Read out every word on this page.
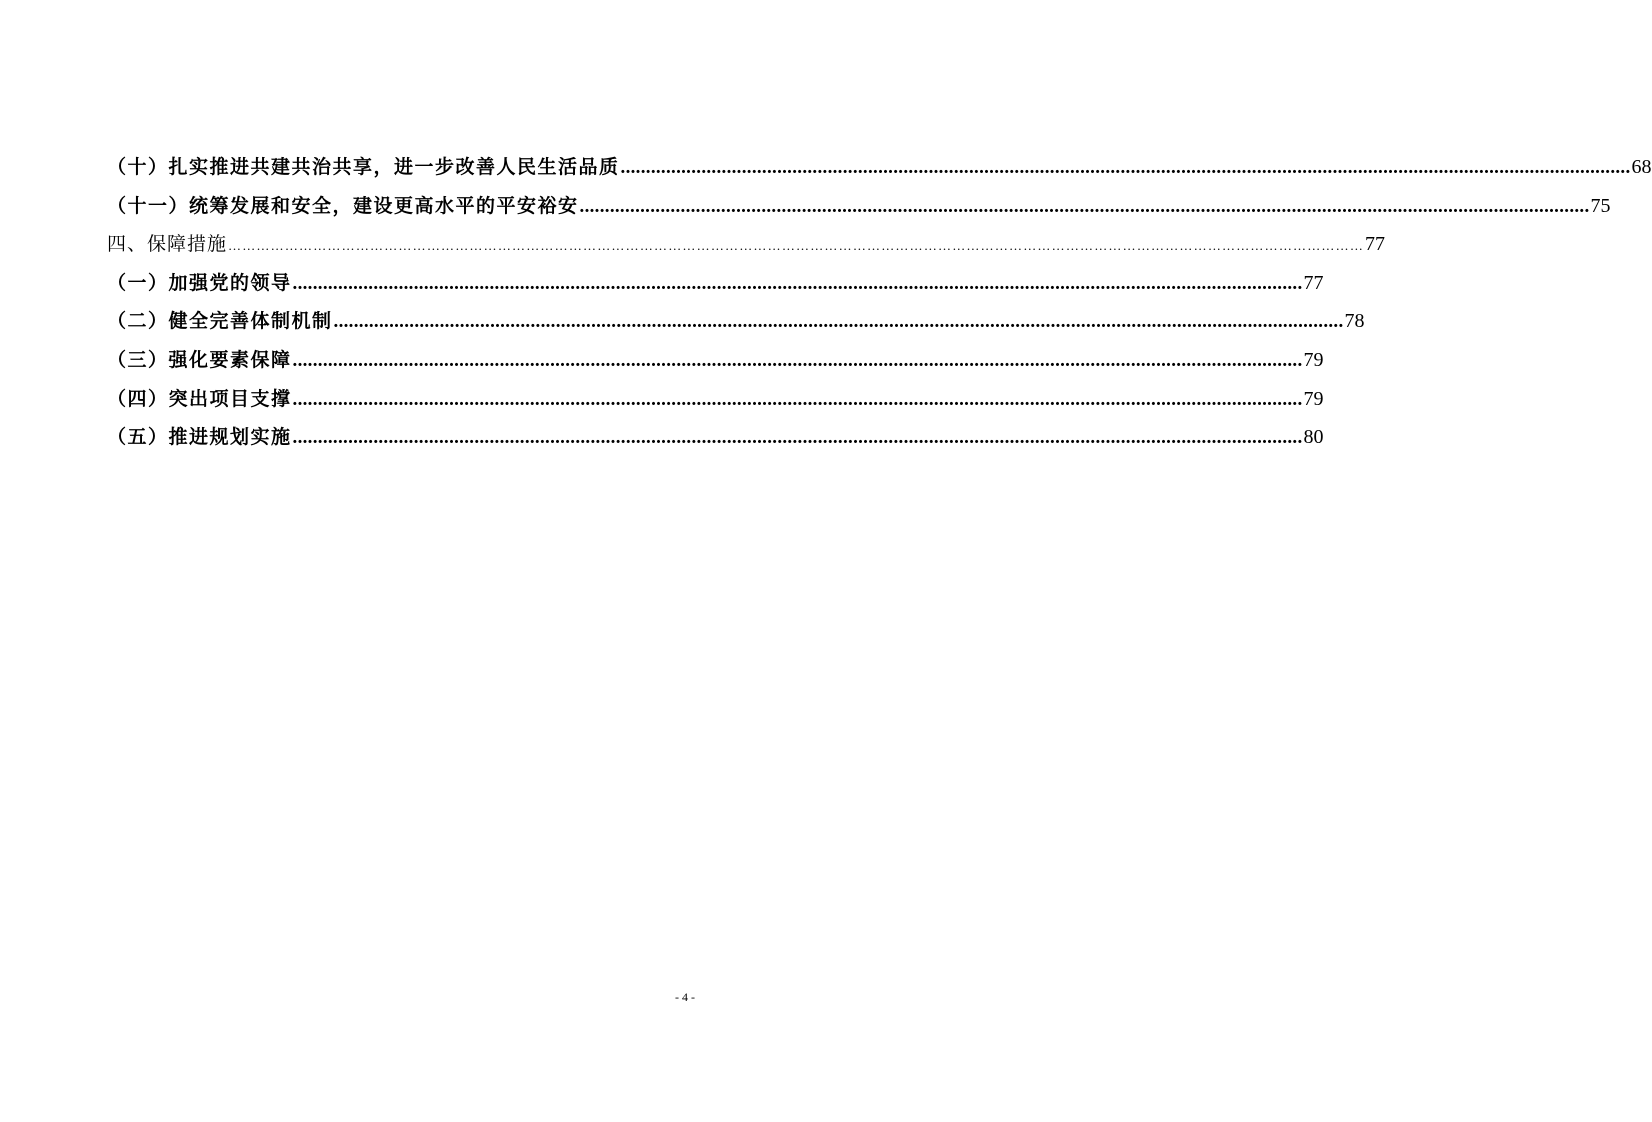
（十）扎实推进共建共治共享，进一步改善人民生活品质 ........................................................................................................................................................................................................ 68
（十一）统筹发展和安全，建设更高水平的平安裕安 ........................................................................................................................................................................................................ 75
四、保障措施 …………………………………………………………………………………………………………………………………………………………………………………………………………………… 77
（一）加强党的领导 ........................................................................................................................................................................................................ 77
（二）健全完善体制机制 ........................................................................................................................................................................................................ 78
（三）强化要素保障 ........................................................................................................................................................................................................ 79
（四）突出项目支撑 ........................................................................................................................................................................................................ 79
（五）推进规划实施 ........................................................................................................................................................................................................ 80
- 4 -
